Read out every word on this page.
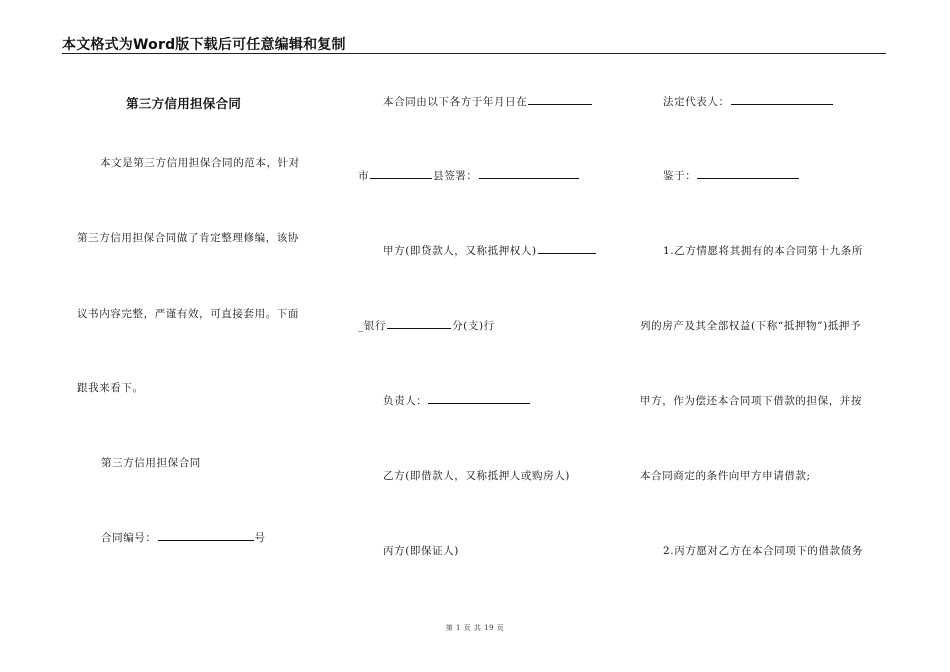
本文格式为Word版下载后可任意编辑和复制
第三方信用担保合同
本文是第三方信用担保合同的范本，针对
第三方信用担保合同做了肯定整理修编，该协
议书内容完整，严谨有效，可直接套用。下面
跟我来看下。
第三方信用担保合同
合同编号：	号
本合同由以下各方于年月日在
市	县签署：
甲方(即贷款人，又称抵押权人)
_银行	分(支)行
负责人：
乙方(即借款人，又称抵押人或购房人)
丙方(即保证人)
法定代表人：
鉴于：
1.乙方情愿将其拥有的本合同第十九条所
列的房产及其全部权益(下称“抵押物”)抵押予
甲方，作为偿还本合同项下借款的担保，并按
本合同商定的条件向甲方申请借款;
2.丙方愿对乙方在本合同项下的借款债务
第 1 页 共 19 页
